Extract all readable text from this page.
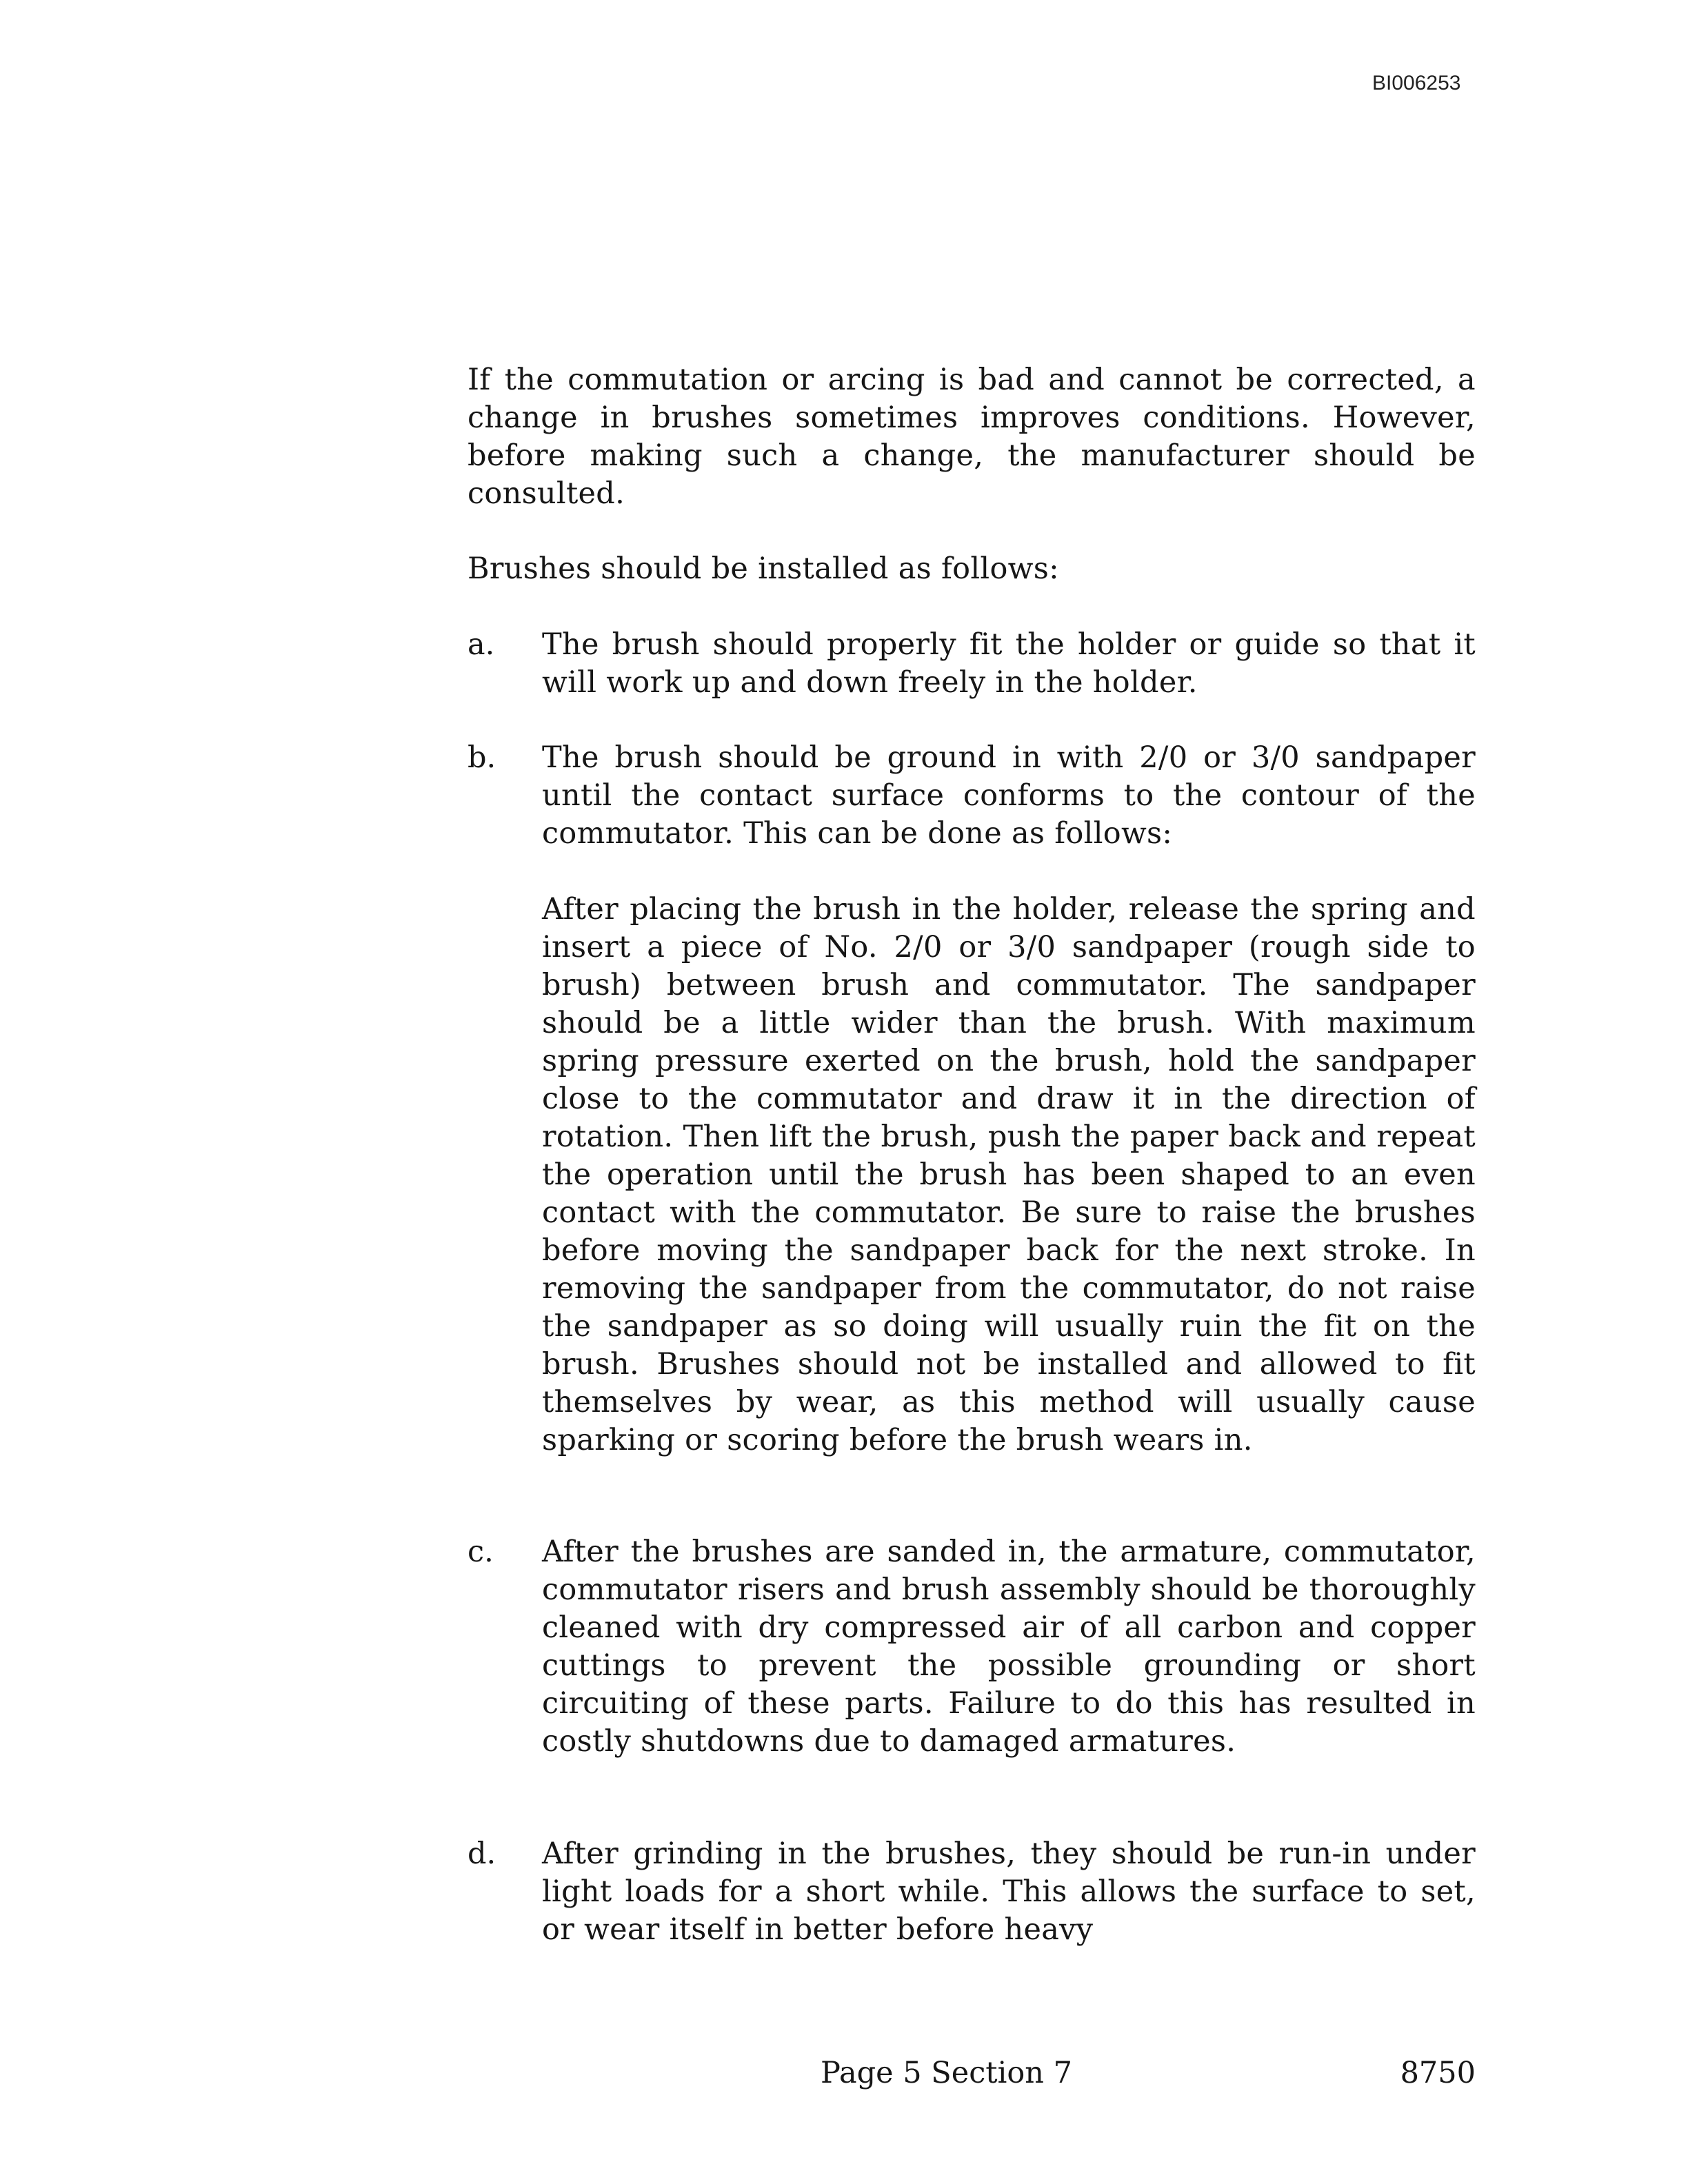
BI006253
If the commutation or arcing is bad and cannot be corrected, a change in brushes sometimes improves conditions. However, before making such a change, the manufacturer should be consulted.
Brushes should be installed as follows:
a.	The brush should properly fit the holder or guide so that it will work up and down freely in the holder.

b.	The brush should be ground in with 2/0 or 3/0 sandpaper until the contact surface conforms to the contour of the commutator. This can be done as follows:

After placing the brush in the holder, release the spring and insert a piece of No. 2/0 or 3/0 sandpaper (rough side to brush) between brush and commutator. The sandpaper should be a little wider than the brush. With maximum spring pressure exerted on the brush, hold the sandpaper close to the commutator and draw it in the direction of rotation. Then lift the brush, push the paper back and repeat the operation until the brush has been shaped to an even contact with the commutator. Be sure to raise the brushes before moving the sandpaper back for the next stroke. In removing the sandpaper from the commutator, do not raise the sandpaper as so doing will usually ruin the fit on the brush. Brushes should not be installed and allowed to fit themselves by wear, as this method will usually cause sparking or scoring before the brush wears in.

c.	After the brushes are sanded in, the armature, commutator, commutator risers and brush assembly should be thoroughly cleaned with dry compressed air of all carbon and copper cuttings to prevent the possible grounding or short circuiting of these parts. Failure to do this has resulted in costly shutdowns due to damaged armatures.

d.	After grinding in the brushes, they should be run-in under light loads for a short while. This allows the surface to set, or wear itself in better before heavy

Page 5 Section 7	8750
